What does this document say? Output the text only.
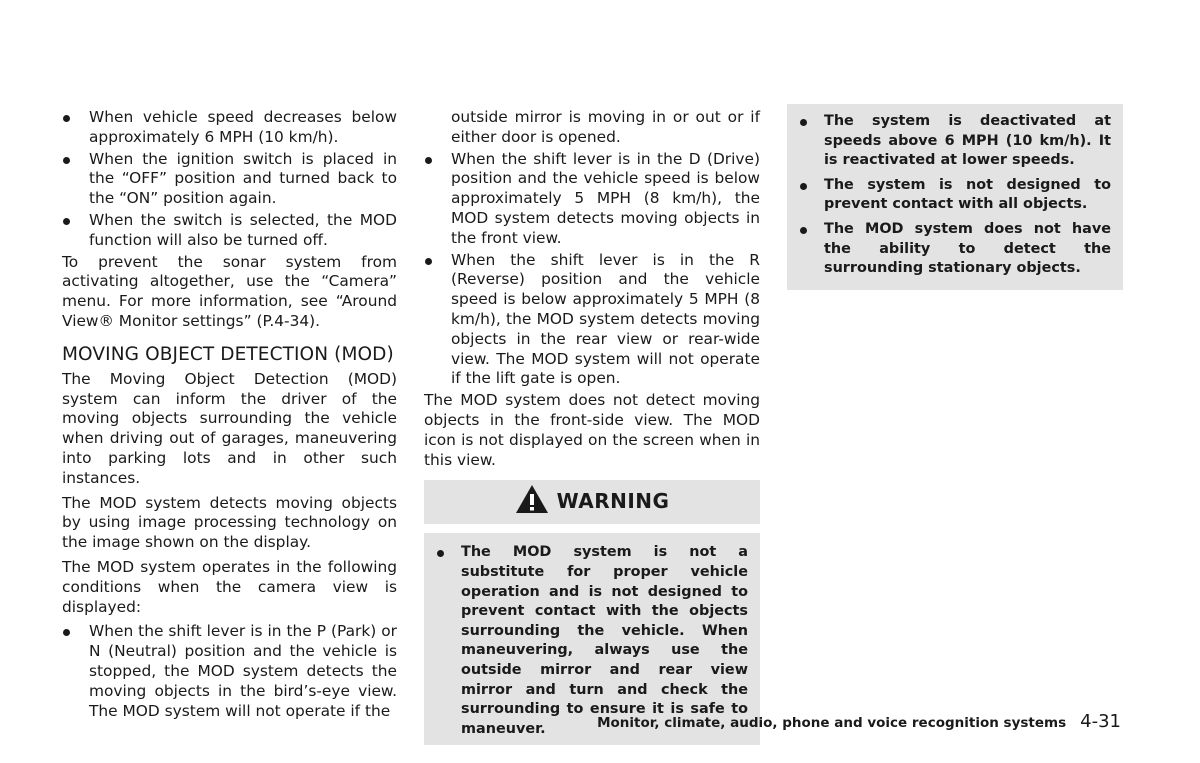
When vehicle speed decreases below approximately 6 MPH (10 km/h).
When the ignition switch is placed in the “OFF” position and turned back to the “ON” position again.
When the switch is selected, the MOD function will also be turned off.

To prevent the sonar system from activating altogether, use the “Camera” menu. For more information, see “Around View® Monitor settings” (P.4-34).

MOVING OBJECT DETECTION (MOD)

The Moving Object Detection (MOD) system can inform the driver of the moving objects surrounding the vehicle when driving out of garages, maneuvering into parking lots and in other such instances.

The MOD system detects moving objects by using image processing technology on the image shown on the display.

The MOD system operates in the following conditions when the camera view is displayed:

When the shift lever is in the P (Park) or N (Neutral) position and the vehicle is stopped, the MOD system detects the moving objects in the bird’s-eye view. The MOD system will not operate if the
outside mirror is moving in or out or if either door is opened.
When the shift lever is in the D (Drive) position and the vehicle speed is below approximately 5 MPH (8 km/h), the MOD system detects moving objects in the front view.
When the shift lever is in the R (Reverse) position and the vehicle speed is below approximately 5 MPH (8 km/h), the MOD system detects moving objects in the rear view or rear-wide view. The MOD system will not operate if the lift gate is open.

The MOD system does not detect moving objects in the front-side view. The MOD icon is not displayed on the screen when in this view.

WARNING
The MOD system is not a substitute for proper vehicle operation and is not designed to prevent contact with the objects surrounding the vehicle. When maneuvering, always use the outside mirror and rear view mirror and turn and check the surrounding to ensure it is safe to maneuver.
The system is deactivated at speeds above 6 MPH (10 km/h). It is reactivated at lower speeds.
The system is not designed to prevent contact with all objects.
The MOD system does not have the ability to detect the surrounding stationary objects.
Monitor, climate, audio, phone and voice recognition systems 4-31
